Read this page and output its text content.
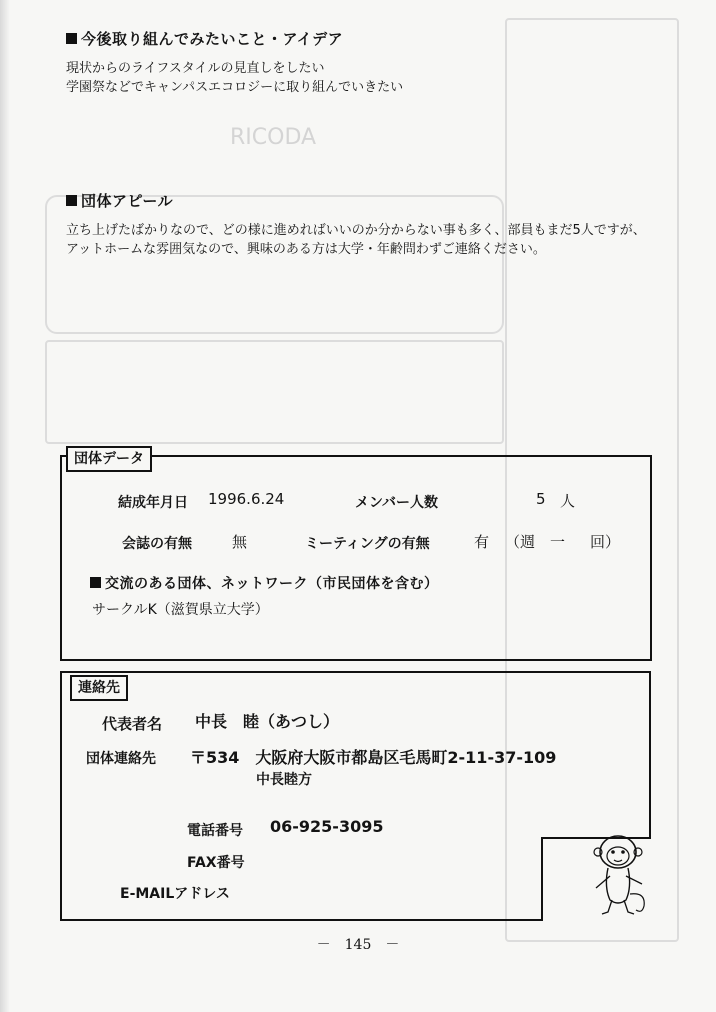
RICODA
今後取り組んでみたいこと・アイデア
現状からのライフスタイルの見直しをしたい
学園祭などでキャンパスエコロジーに取り組んでいきたい
団体アピール
立ち上げたばかりなので、どの様に進めればいいのか分からない事も多く、部員もまだ5人ですが、アットホームな雰囲気なので、興味のある方は大学・年齢問わずご連絡ください。
団体データ
結成年月日 1996.6.24	メンバー人数	5 人
会誌の有無	無	ミーティングの有無	有 （週 一 回）
交流のある団体、ネットワーク（市民団体を含む）
サークルK（滋賀県立大学）
連絡先
代表者名 中長　睦（あつし）
団体連絡先 〒534　大阪府大阪市都島区毛馬町2-11-37-109
中長睦方
電話番号 06-925-3095
FAX番号
E-MAILアドレス
－　145　－
